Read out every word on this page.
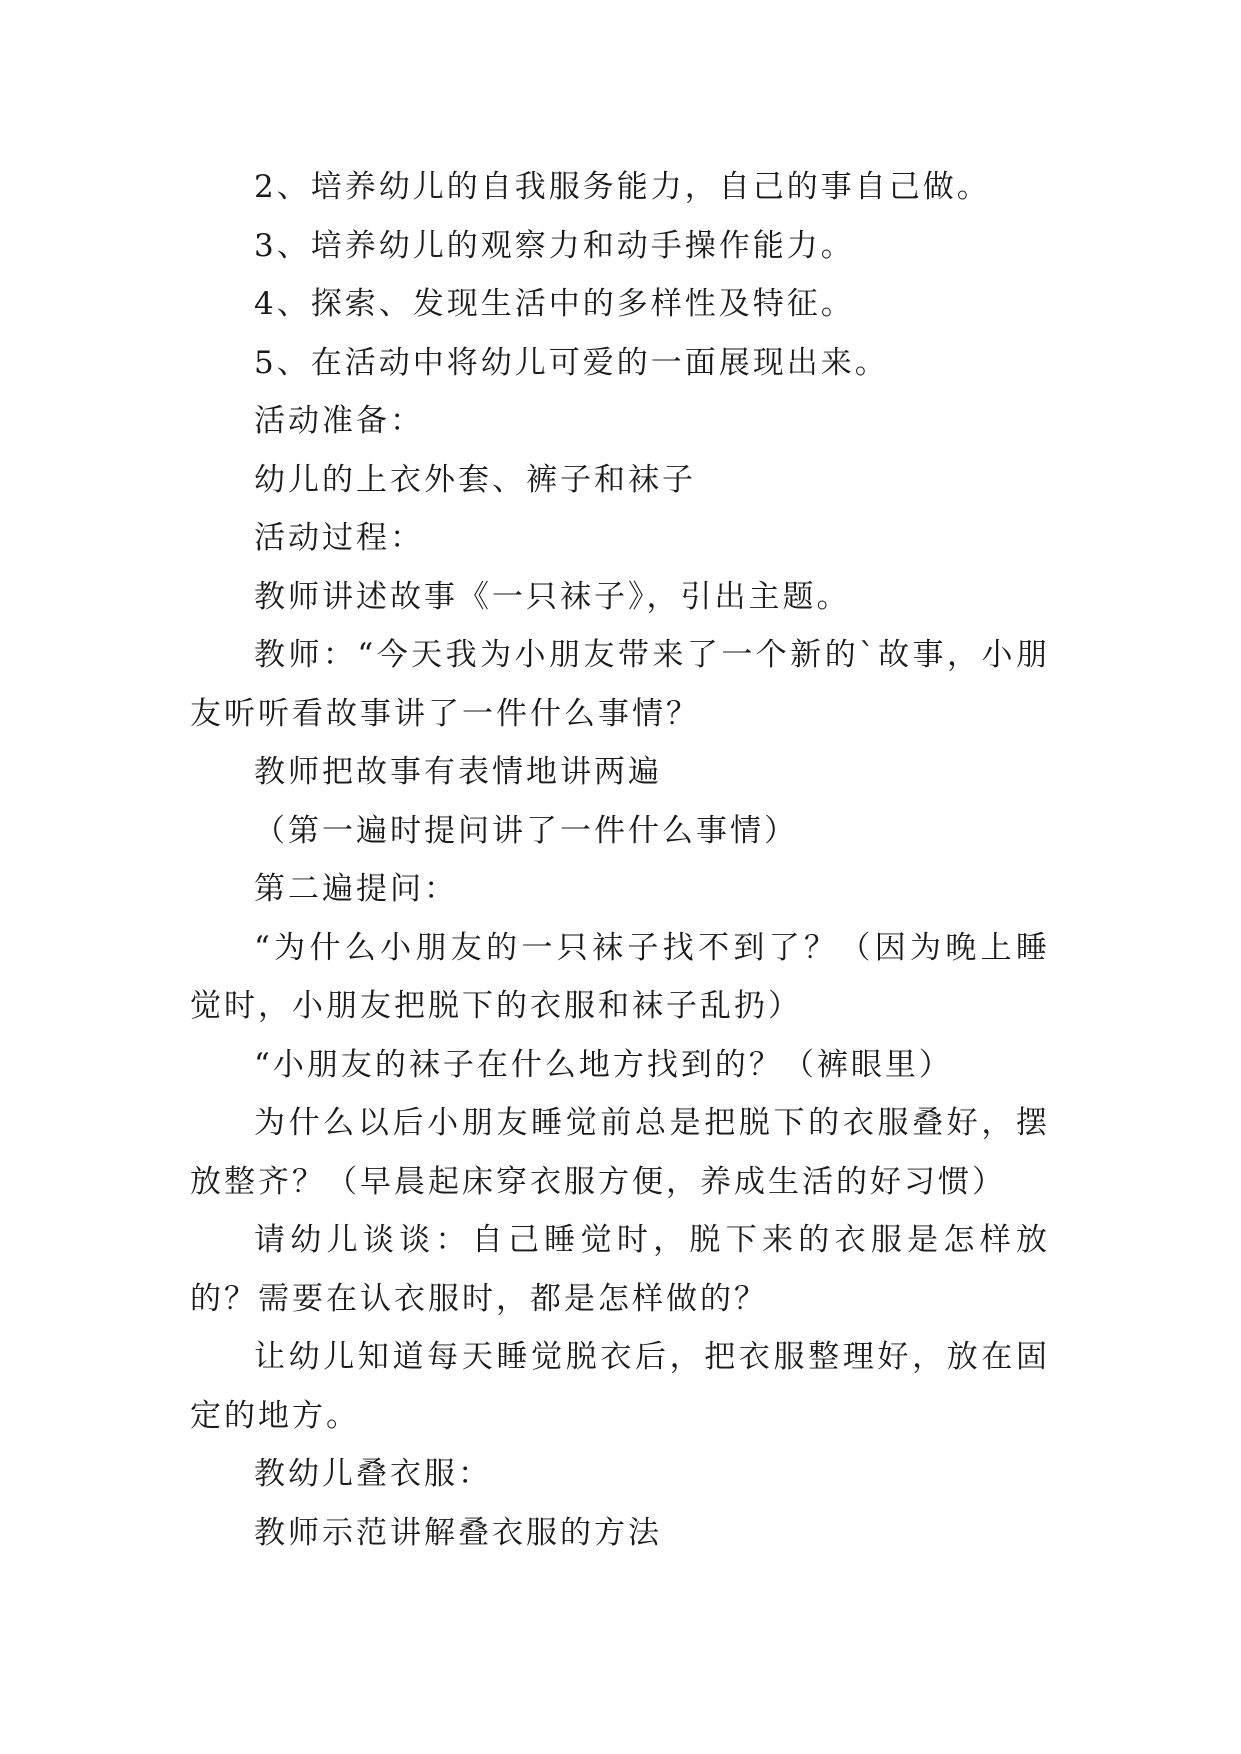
2、培养幼儿的自我服务能力，自己的事自己做。

3、培养幼儿的观察力和动手操作能力。

4、探索、发现生活中的多样性及特征。

5、在活动中将幼儿可爱的一面展现出来。

活动准备：

幼儿的上衣外套、裤子和袜子

活动过程：

教师讲述故事《一只袜子》，引出主题。

教师：“今天我为小朋友带来了一个新的`故事，小朋友听听看故事讲了一件什么事情？

教师把故事有表情地讲两遍

（第一遍时提问讲了一件什么事情）

第二遍提问：

“为什么小朋友的一只袜子找不到了？（因为晚上睡觉时，小朋友把脱下的衣服和袜子乱扔）

“小朋友的袜子在什么地方找到的？（裤眼里）

为什么以后小朋友睡觉前总是把脱下的衣服叠好，摆放整齐？（早晨起床穿衣服方便，养成生活的好习惯）

请幼儿谈谈：自己睡觉时，脱下来的衣服是怎样放的？需要在认衣服时，都是怎样做的？

让幼儿知道每天睡觉脱衣后，把衣服整理好，放在固定的地方。

教幼儿叠衣服：

教师示范讲解叠衣服的方法
